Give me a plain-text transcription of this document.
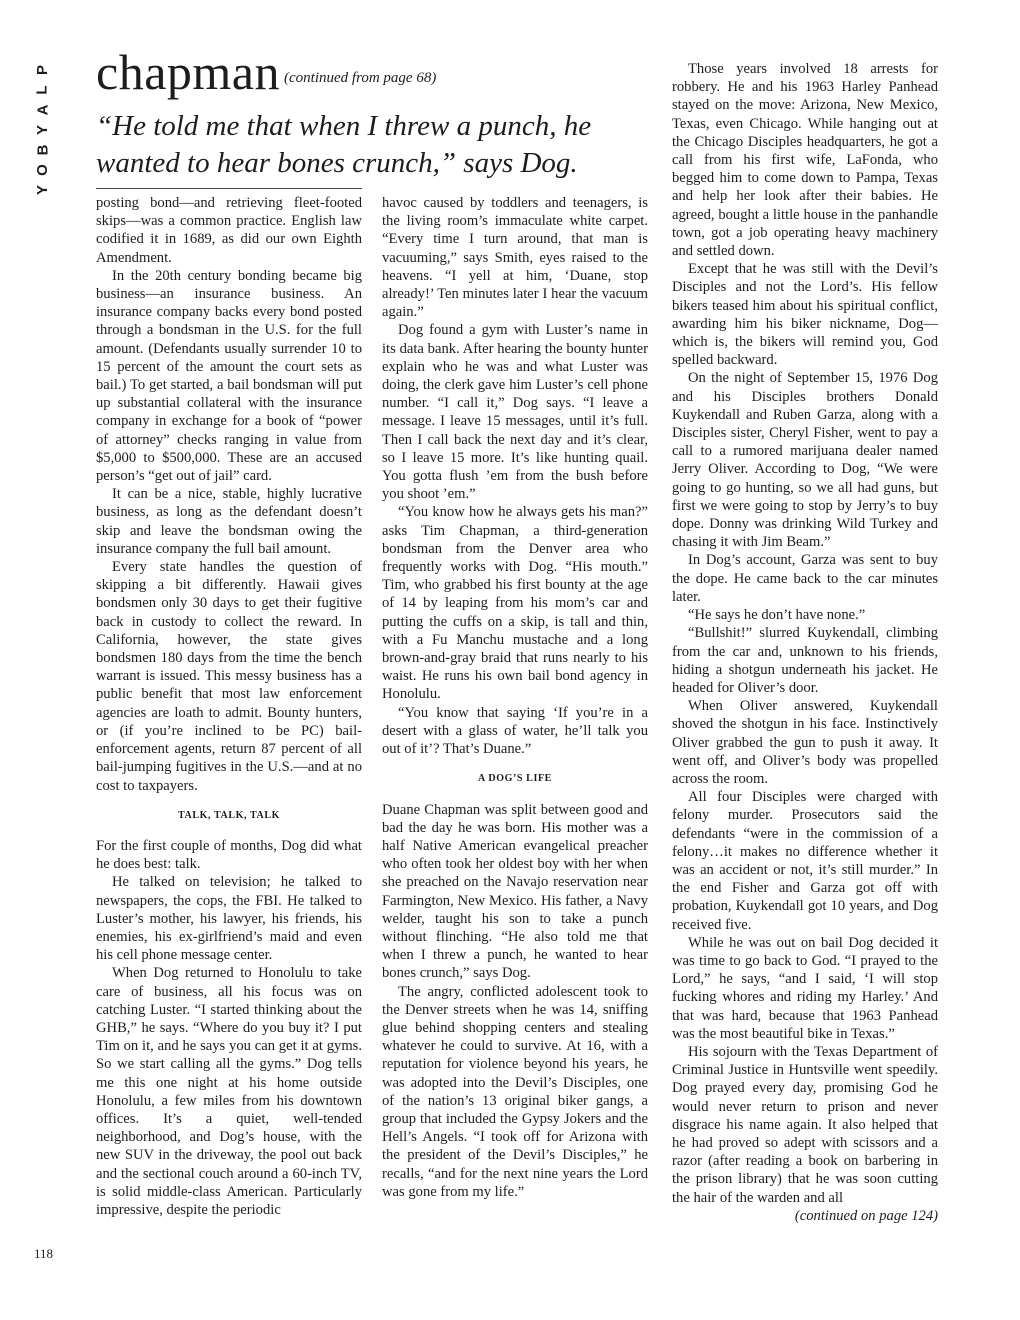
P
L
A
Y
B
O
Y
chapman (continued from page 68)
“He told me that when I threw a punch, he wanted to hear bones crunch,” says Dog.

posting bond—and retrieving fleet-footed skips—was a common practice. English law codified it in 1689, as did our own Eighth Amendment.

In the 20th century bonding became big business—an insurance business. An insurance company backs every bond posted through a bondsman in the U.S. for the full amount. (Defendants usually surrender 10 to 15 percent of the amount the court sets as bail.) To get started, a bail bondsman will put up substantial collateral with the insurance company in exchange for a book of “power of attorney” checks ranging in value from $5,000 to $500,000. These are an accused person’s “get out of jail” card.

It can be a nice, stable, highly lucrative business, as long as the defendant doesn’t skip and leave the bondsman owing the insurance company the full bail amount.

Every state handles the question of skipping a bit differently. Hawaii gives bondsmen only 30 days to get their fugitive back in custody to collect the reward. In California, however, the state gives bondsmen 180 days from the time the bench warrant is issued. This messy business has a public benefit that most law enforcement agencies are loath to admit. Bounty hunters, or (if you’re inclined to be PC) bail-enforcement agents, return 87 percent of all bail-jumping fugitives in the U.S.—and at no cost to taxpayers.

TALK, TALK, TALK

For the first couple of months, Dog did what he does best: talk.

He talked on television; he talked to newspapers, the cops, the FBI. He talked to Luster’s mother, his lawyer, his friends, his enemies, his ex-girlfriend’s maid and even his cell phone message center.

When Dog returned to Honolulu to take care of business, all his focus was on catching Luster. “I started thinking about the GHB,” he says. “Where do you buy it? I put Tim on it, and he says you can get it at gyms. So we start calling all the gyms.” Dog tells me this one night at his home outside Honolulu, a few miles from his downtown offices. It’s a quiet, well-tended neighborhood, and Dog’s house, with the new SUV in the driveway, the pool out back and the sectional couch around a 60-inch TV, is solid middle-class American. Particularly impressive, despite the periodic

havoc caused by toddlers and teenagers, is the living room’s immaculate white carpet. “Every time I turn around, that man is vacuuming,” says Smith, eyes raised to the heavens. “I yell at him, ‘Duane, stop already!’ Ten minutes later I hear the vacuum again.”

Dog found a gym with Luster’s name in its data bank. After hearing the bounty hunter explain who he was and what Luster was doing, the clerk gave him Luster’s cell phone number. “I call it,” Dog says. “I leave a message. I leave 15 messages, until it’s full. Then I call back the next day and it’s clear, so I leave 15 more. It’s like hunting quail. You gotta flush ’em from the bush before you shoot ’em.”

“You know how he always gets his man?” asks Tim Chapman, a third-generation bondsman from the Denver area who frequently works with Dog. “His mouth.” Tim, who grabbed his first bounty at the age of 14 by leaping from his mom’s car and putting the cuffs on a skip, is tall and thin, with a Fu Manchu mustache and a long brown-and-gray braid that runs nearly to his waist. He runs his own bail bond agency in Honolulu.

“You know that saying ‘If you’re in a desert with a glass of water, he’ll talk you out of it’? That’s Duane.”

A DOG’S LIFE

Duane Chapman was split between good and bad the day he was born. His mother was a half Native American evangelical preacher who often took her oldest boy with her when she preached on the Navajo reservation near Farmington, New Mexico. His father, a Navy welder, taught his son to take a punch without flinching. “He also told me that when I threw a punch, he wanted to hear bones crunch,” says Dog.

The angry, conflicted adolescent took to the Denver streets when he was 14, sniffing glue behind shopping centers and stealing whatever he could to survive. At 16, with a reputation for violence beyond his years, he was adopted into the Devil’s Disciples, one of the nation’s 13 original biker gangs, a group that included the Gypsy Jokers and the Hell’s Angels. “I took off for Arizona with the president of the Devil’s Disciples,” he recalls, “and for the next nine years the Lord was gone from my life.”

Those years involved 18 arrests for robbery. He and his 1963 Harley Panhead stayed on the move: Arizona, New Mexico, Texas, even Chicago. While hanging out at the Chicago Disciples headquarters, he got a call from his first wife, LaFonda, who begged him to come down to Pampa, Texas and help her look after their babies. He agreed, bought a little house in the panhandle town, got a job operating heavy machinery and settled down.

Except that he was still with the Devil’s Disciples and not the Lord’s. His fellow bikers teased him about his spiritual conflict, awarding him his biker nickname, Dog—which is, the bikers will remind you, God spelled backward.

On the night of September 15, 1976 Dog and his Disciples brothers Donald Kuykendall and Ruben Garza, along with a Disciples sister, Cheryl Fisher, went to pay a call to a rumored marijuana dealer named Jerry Oliver. According to Dog, “We were going to go hunting, so we all had guns, but first we were going to stop by Jerry’s to buy dope. Donny was drinking Wild Turkey and chasing it with Jim Beam.”

In Dog’s account, Garza was sent to buy the dope. He came back to the car minutes later.

“He says he don’t have none.”

“Bullshit!” slurred Kuykendall, climbing from the car and, unknown to his friends, hiding a shotgun underneath his jacket. He headed for Oliver’s door.

When Oliver answered, Kuykendall shoved the shotgun in his face. Instinctively Oliver grabbed the gun to push it away. It went off, and Oliver’s body was propelled across the room.

All four Disciples were charged with felony murder. Prosecutors said the defendants “were in the commission of a felony…it makes no difference whether it was an accident or not, it’s still murder.” In the end Fisher and Garza got off with probation, Kuykendall got 10 years, and Dog received five.

While he was out on bail Dog decided it was time to go back to God. “I prayed to the Lord,” he says, “and I said, ‘I will stop fucking whores and riding my Harley.’ And that was hard, because that 1963 Panhead was the most beautiful bike in Texas.”

His sojourn with the Texas Department of Criminal Justice in Huntsville went speedily. Dog prayed every day, promising God he would never return to prison and never disgrace his name again. It also helped that he had proved so adept with scissors and a razor (after reading a book on barbering in the prison library) that he was soon cutting the hair of the warden and all

(continued on page 124)

118
